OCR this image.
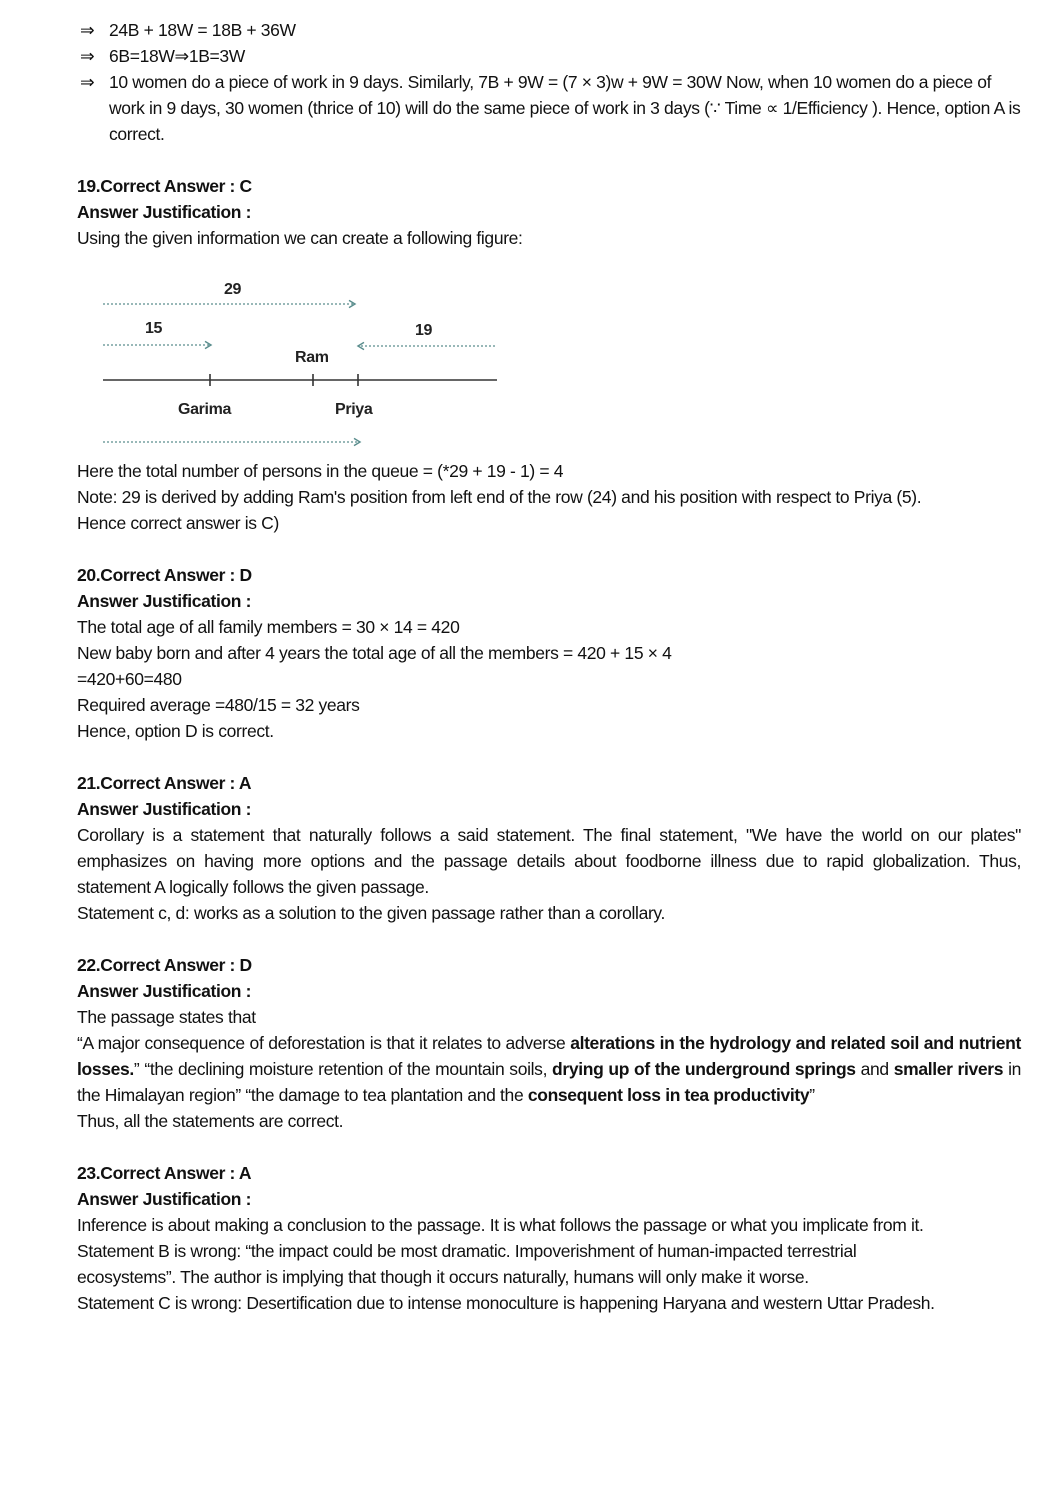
⇒ 24B + 18W = 18B + 36W
⇒ 6B=18W⇒1B=3W
⇒ 10 women do a piece of work in 9 days. Similarly, 7B + 9W = (7 × 3)w + 9W = 30W Now, when 10 women do a piece of work in 9 days, 30 women (thrice of 10) will do the same piece of work in 3 days (∵ Time ∝ 1/Efficiency ). Hence, option A is correct.
19.Correct Answer : C
Answer Justification :
Using the given information we can create a following figure:
29
15	19
Ram
Garima	Priya
Here the total number of persons in the queue = (*29 + 19 - 1) = 4
Note: 29 is derived by adding Ram's position from left end of the row (24) and his position with respect to Priya (5).
Hence correct answer is C)
20.Correct Answer : D
Answer Justification :
The total age of all family members = 30 × 14 = 420
New baby born and after 4 years the total age of all the members = 420 + 15 × 4
=420+60=480
Required average =480/15 = 32 years
Hence, option D is correct.
21.Correct Answer : A
Answer Justification :
Corollary is a statement that naturally follows a said statement. The final statement, "We have the world on our plates" emphasizes on having more options and the passage details about foodborne illness due to rapid globalization. Thus, statement A logically follows the given passage.
Statement c, d: works as a solution to the given passage rather than a corollary.
22.Correct Answer : D
Answer Justification :
The passage states that
“A major consequence of deforestation is that it relates to adverse alterations in the hydrology and related soil and nutrient losses.” “the declining moisture retention of the mountain soils, drying up of the underground springs and smaller rivers in the Himalayan region” “the damage to tea plantation and the consequent loss in tea productivity”
Thus, all the statements are correct.
23.Correct Answer : A
Answer Justification :
Inference is about making a conclusion to the passage. It is what follows the passage or what you implicate from it.
Statement B is wrong: “the impact could be most dramatic. Impoverishment of human-impacted terrestrial ecosystems”. The author is implying that though it occurs naturally, humans will only make it worse.
Statement C is wrong: Desertification due to intense monoculture is happening Haryana and western Uttar Pradesh.
